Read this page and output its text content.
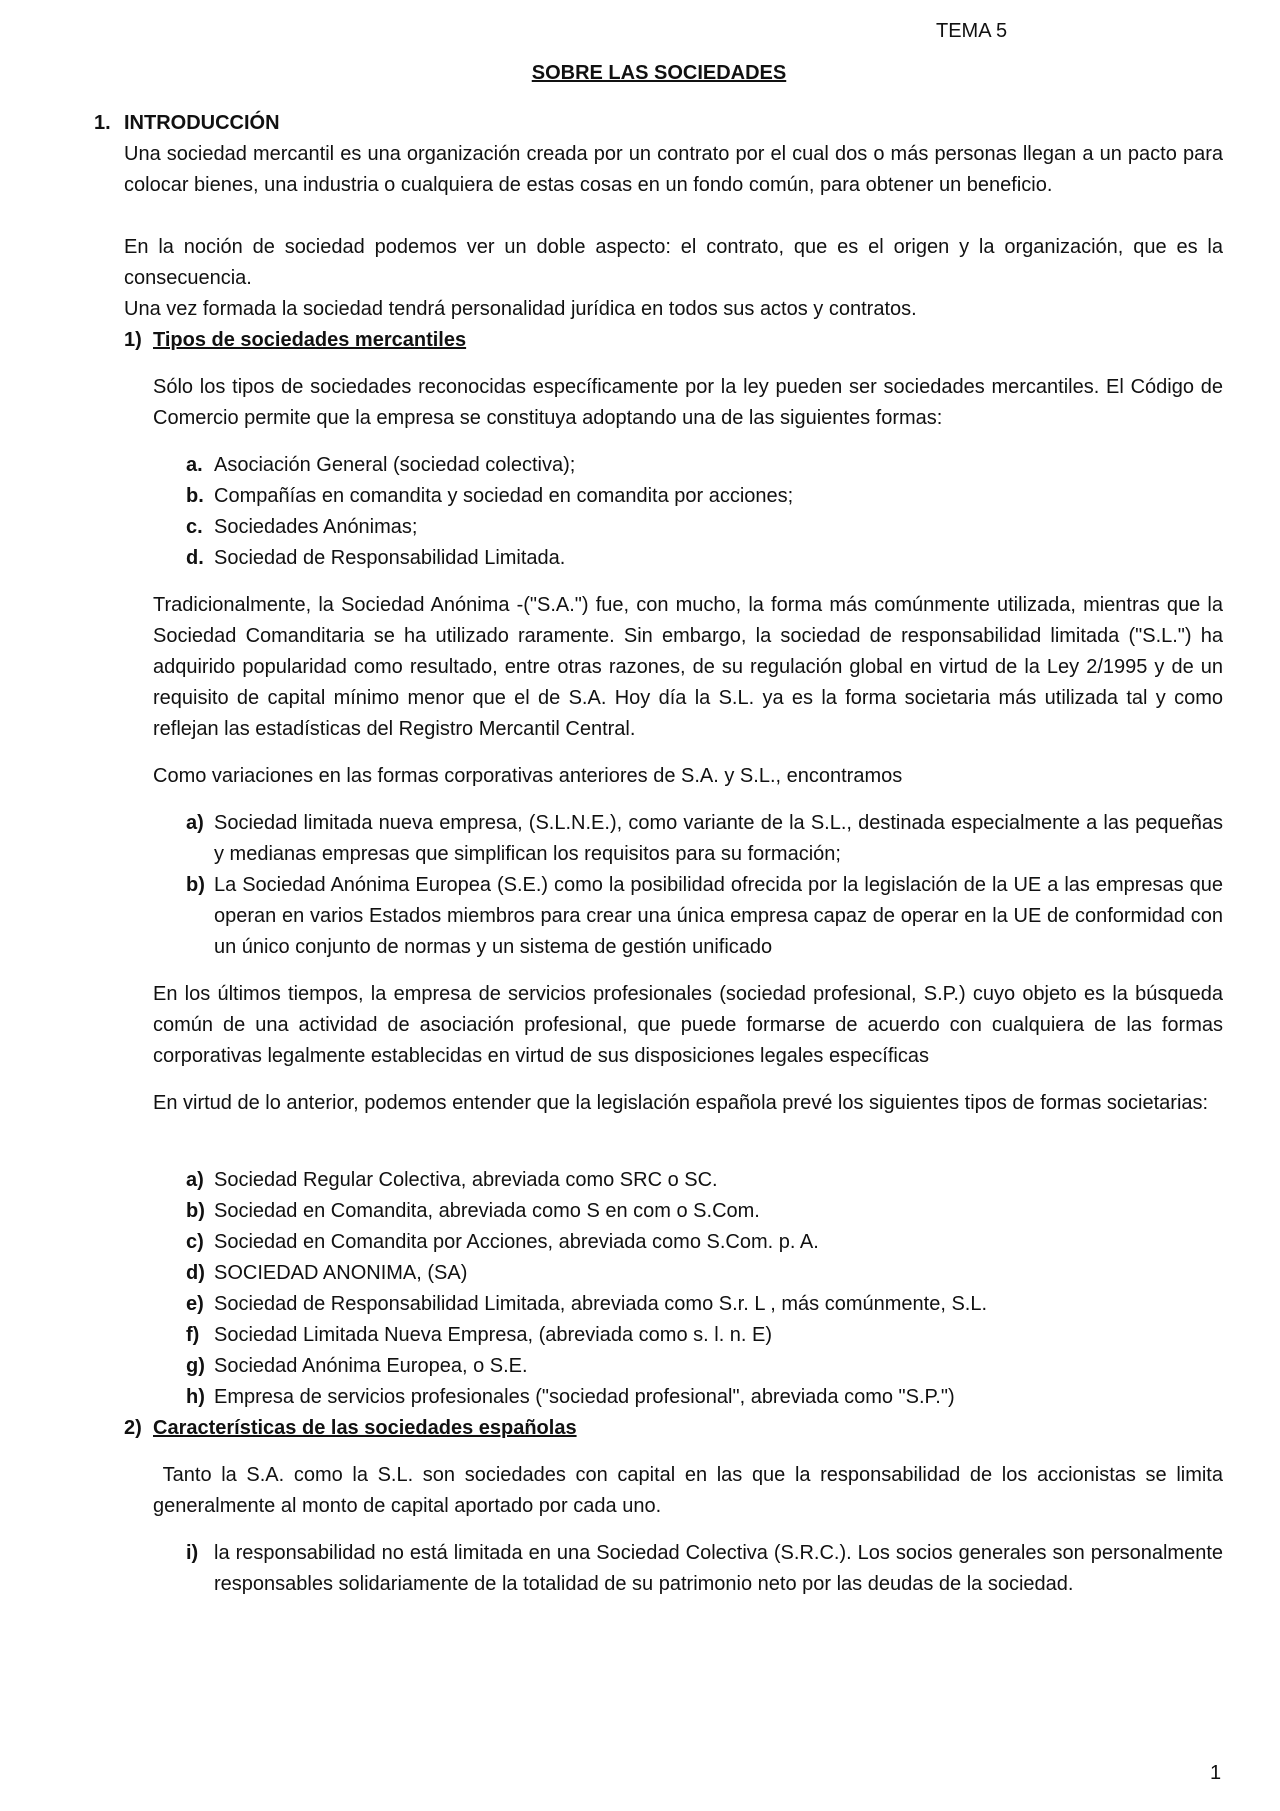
TEMA 5
SOBRE LAS SOCIEDADES
1. INTRODUCCIÓN

Una sociedad mercantil es una organización creada por un contrato por el cual dos o más personas llegan a un pacto para colocar bienes, una industria o cualquiera de estas cosas en un fondo común, para obtener un beneficio.

En la noción de sociedad podemos ver un doble aspecto: el contrato, que es el origen y la organización, que es la consecuencia.

Una vez formada la sociedad tendrá personalidad jurídica en todos sus actos y contratos.

1) Tipos de sociedades mercantiles

Sólo los tipos de sociedades reconocidas específicamente por la ley pueden ser sociedades mercantiles. El Código de Comercio permite que la empresa se constituya adoptando una de las siguientes formas:

a. Asociación General (sociedad colectiva);
b. Compañías en comandita y sociedad en comandita por acciones;
c. Sociedades Anónimas;
d. Sociedad de Responsabilidad Limitada.

Tradicionalmente, la Sociedad Anónima -("S.A.") fue, con mucho, la forma más comúnmente utilizada, mientras que la Sociedad Comanditaria se ha utilizado raramente. Sin embargo, la sociedad de responsabilidad limitada ("S.L.") ha adquirido popularidad como resultado, entre otras razones, de su regulación global en virtud de la Ley 2/1995 y de un requisito de capital mínimo menor que el de S.A. Hoy día la S.L. ya es la forma societaria más utilizada tal y como reflejan las estadísticas del Registro Mercantil Central.

Como variaciones en las formas corporativas anteriores de S.A. y S.L., encontramos

a) Sociedad limitada nueva empresa, (S.L.N.E.), como variante de la S.L., destinada especialmente a las pequeñas y medianas empresas que simplifican los requisitos para su formación;
b) La Sociedad Anónima Europea (S.E.) como la posibilidad ofrecida por la legislación de la UE a las empresas que operan en varios Estados miembros para crear una única empresa capaz de operar en la UE de conformidad con un único conjunto de normas y un sistema de gestión unificado

En los últimos tiempos, la empresa de servicios profesionales (sociedad profesional, S.P.) cuyo objeto es la búsqueda común de una actividad de asociación profesional, que puede formarse de acuerdo con cualquiera de las formas corporativas legalmente establecidas en virtud de sus disposiciones legales específicas

En virtud de lo anterior, podemos entender que la legislación española prevé los siguientes tipos de formas societarias:

a) Sociedad Regular Colectiva, abreviada como SRC o SC.
b) Sociedad en Comandita, abreviada como S en com o S.Com.
c) Sociedad en Comandita por Acciones, abreviada como S.Com. p. A.
d) SOCIEDAD ANONIMA, (SA)
e) Sociedad de Responsabilidad Limitada, abreviada como S.r. L , más comúnmente, S.L.
f) Sociedad Limitada Nueva Empresa, (abreviada como s. l. n. E)
g) Sociedad Anónima Europea, o S.E.
h) Empresa de servicios profesionales ("sociedad profesional", abreviada como "S.P.")
2) Características de las sociedades españolas

Tanto la S.A. como la S.L. son sociedades con capital en las que la responsabilidad de los accionistas se limita generalmente al monto de capital aportado por cada uno.

i) la responsabilidad no está limitada en una Sociedad Colectiva (S.R.C.). Los socios generales son personalmente responsables solidariamente de la totalidad de su patrimonio neto por las deudas de la sociedad.
1
